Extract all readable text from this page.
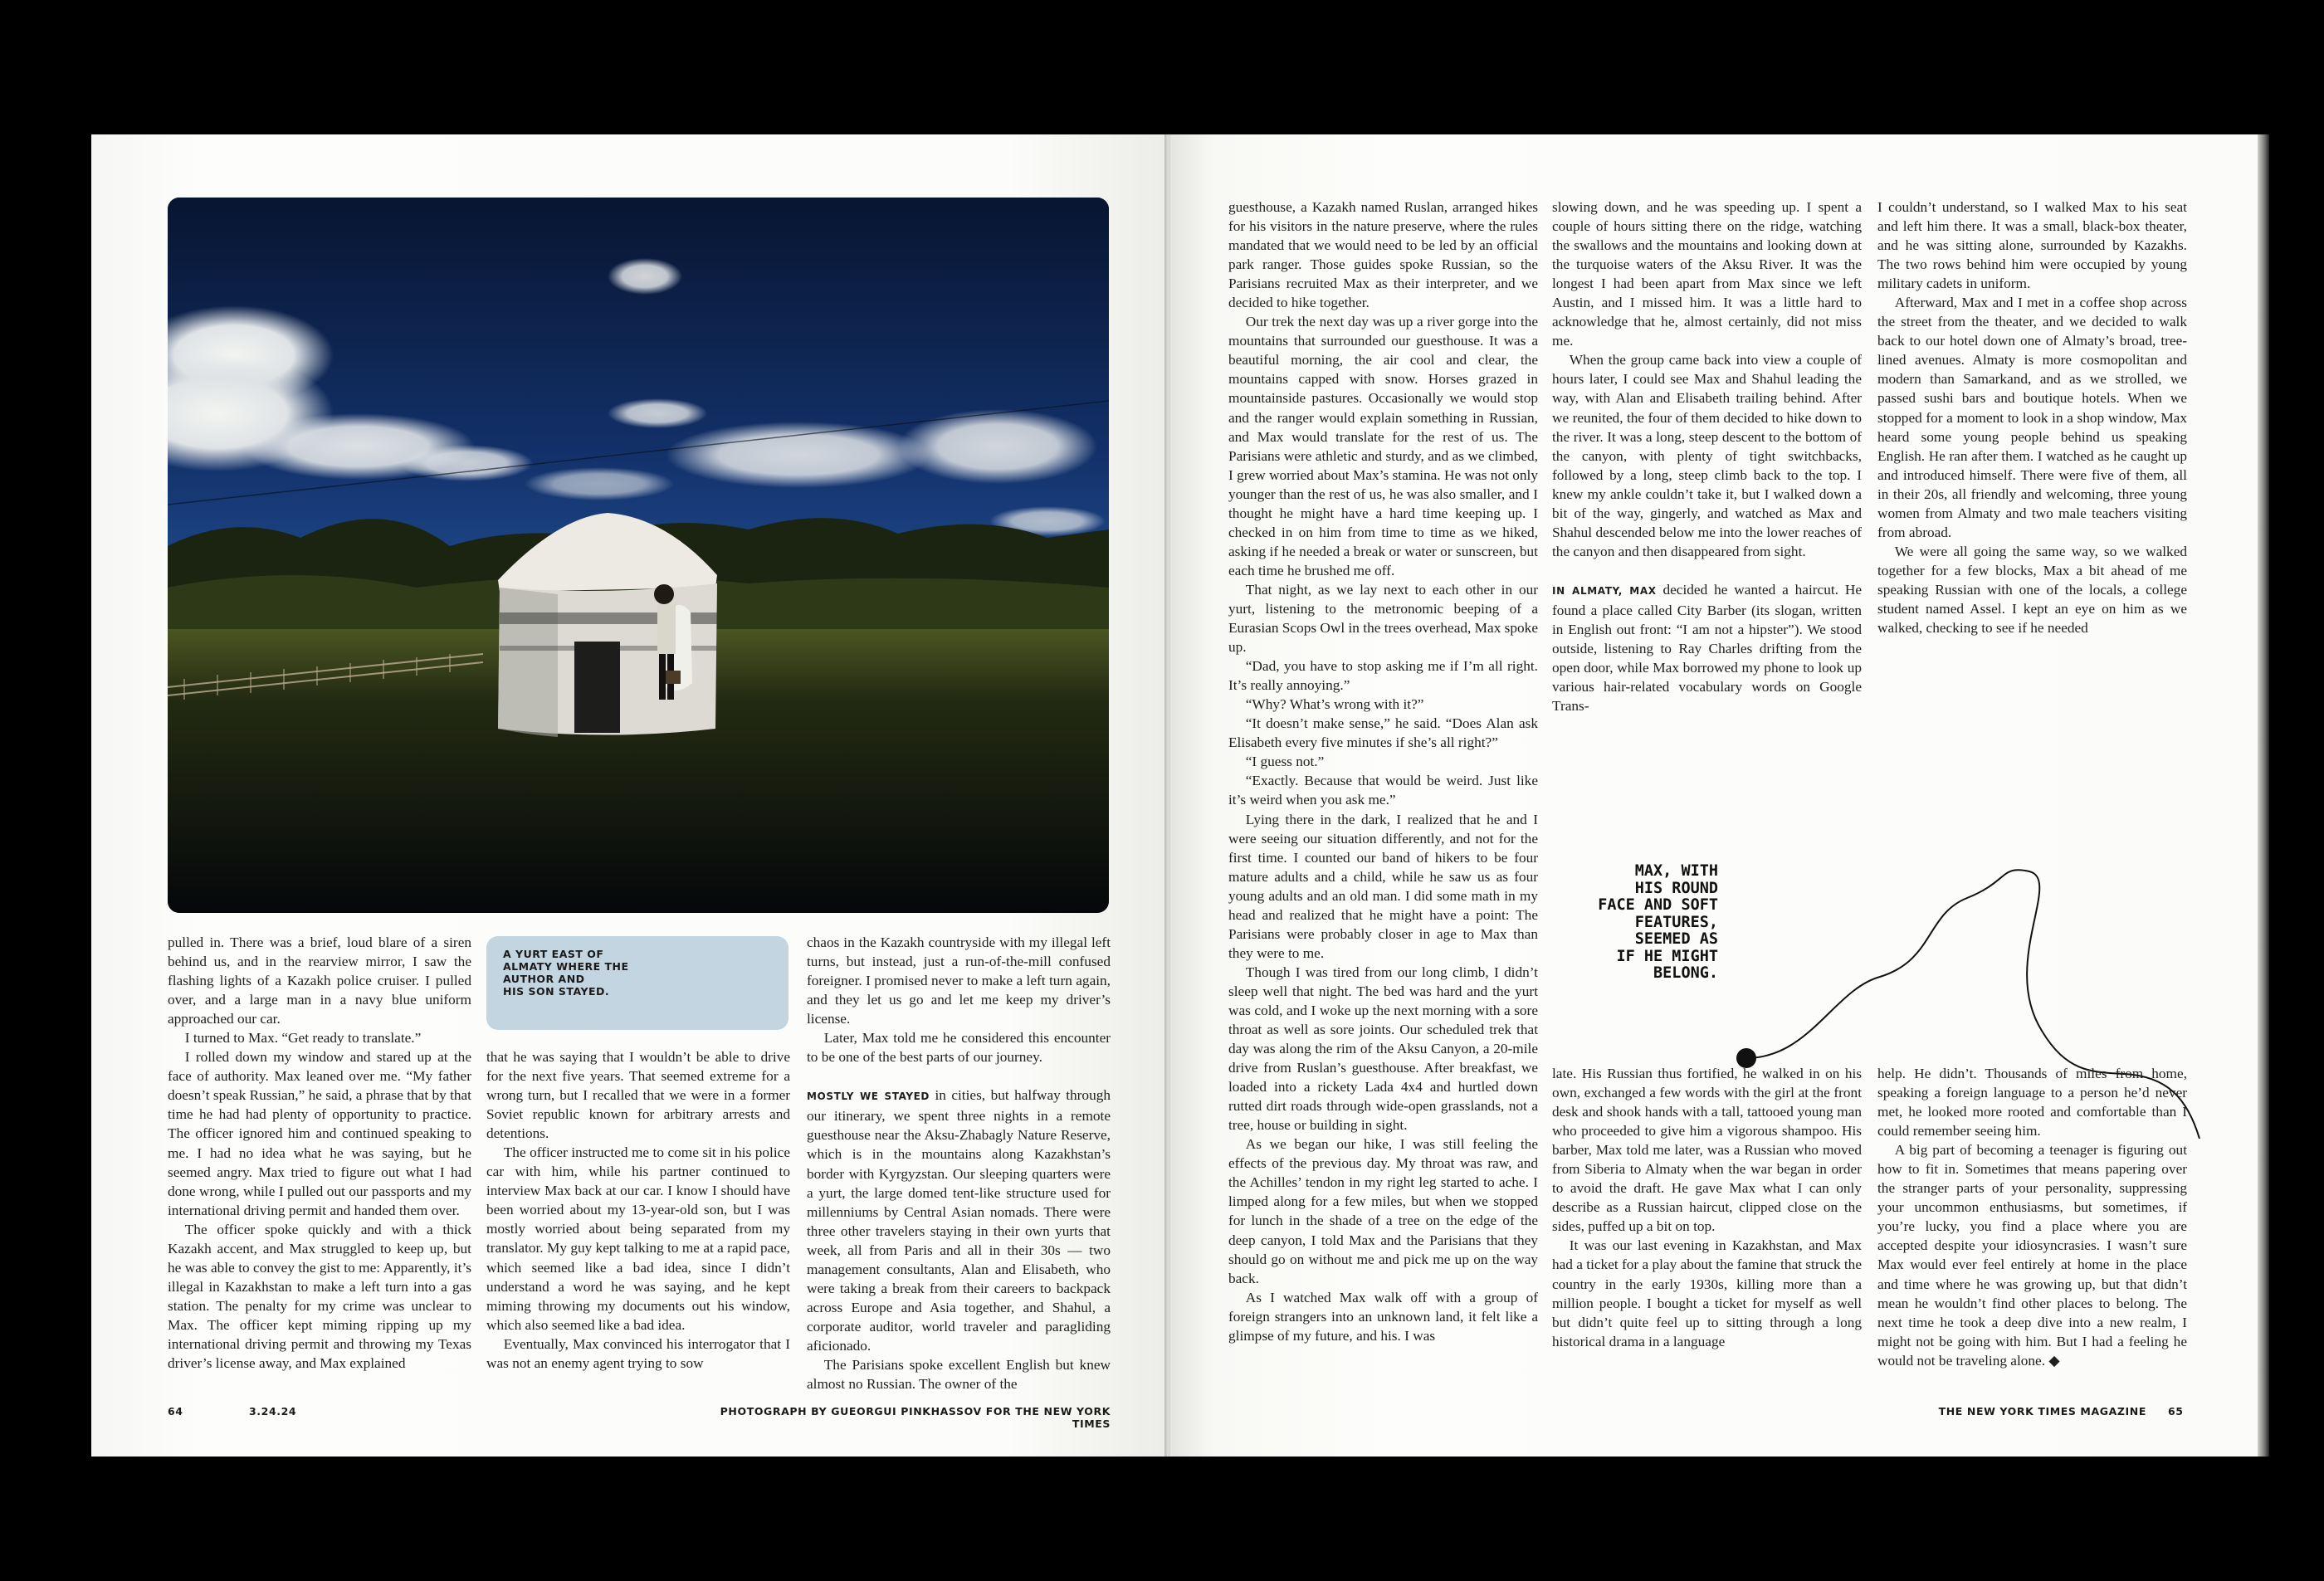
A YURT EAST OF
ALMATY WHERE THE
AUTHOR AND
HIS SON STAYED.

pulled in. There was a brief, loud blare of a siren behind us, and in the rearview mirror, I saw the flashing lights of a Kazakh police cruiser. I pulled over, and a large man in a navy blue uniform approached our car.

I turned to Max. “Get ready to translate.”

I rolled down my window and stared up at the face of authority. Max leaned over me. “My father doesn’t speak Russian,” he said, a phrase that by that time he had had plenty of opportunity to practice. The officer ignored him and continued speaking to me. I had no idea what he was saying, but he seemed angry. Max tried to figure out what I had done wrong, while I pulled out our passports and my international driving permit and handed them over.

The officer spoke quickly and with a thick Kazakh accent, and Max struggled to keep up, but he was able to convey the gist to me: Apparently, it’s illegal in Kazakhstan to make a left turn into a gas station. The penalty for my crime was unclear to Max. The officer kept miming ripping up my international driving permit and throwing my Texas driver’s license away, and Max explained

that he was saying that I wouldn’t be able to drive for the next five years. That seemed extreme for a wrong turn, but I recalled that we were in a former Soviet republic known for arbitrary arrests and detentions.

The officer instructed me to come sit in his police car with him, while his partner continued to interview Max back at our car. I know I should have been worried about my 13-year-old son, but I was mostly worried about being separated from my translator. My guy kept talking to me at a rapid pace, which seemed like a bad idea, since I didn’t understand a word he was saying, and he kept miming throwing my documents out his window, which also seemed like a bad idea.

Eventually, Max convinced his interrogator that I was not an enemy agent trying to sow

chaos in the Kazakh countryside with my illegal left turns, but instead, just a run-of-the-mill confused foreigner. I promised never to make a left turn again, and they let us go and let me keep my driver’s license.

Later, Max told me he considered this encounter to be one of the best parts of our journey.

MOSTLY WE STAYED in cities, but halfway through our itinerary, we spent three nights in a remote guesthouse near the Aksu-Zhabagly Nature Reserve, which is in the mountains along Kazakhstan’s border with Kyrgyzstan. Our sleeping quarters were a yurt, the large domed tent-like structure used for millenniums by Central Asian nomads. There were three other travelers staying in their own yurts that week, all from Paris and all in their 30s — two management consultants, Alan and Elisabeth, who were taking a break from their careers to backpack across Europe and Asia together, and Shahul, a corporate auditor, world traveler and paragliding aficionado.

The Parisians spoke excellent English but knew almost no Russian. The owner of the

64	3.24.24	PHOTOGRAPH BY GUEORGUI PINKHASSOV FOR THE NEW YORK TIMES

guesthouse, a Kazakh named Ruslan, arranged hikes for his visitors in the nature preserve, where the rules mandated that we would need to be led by an official park ranger. Those guides spoke Russian, so the Parisians recruited Max as their interpreter, and we decided to hike together.

Our trek the next day was up a river gorge into the mountains that surrounded our guesthouse. It was a beautiful morning, the air cool and clear, the mountains capped with snow. Horses grazed in mountainside pastures. Occasionally we would stop and the ranger would explain something in Russian, and Max would translate for the rest of us. The Parisians were athletic and sturdy, and as we climbed, I grew worried about Max’s stamina. He was not only younger than the rest of us, he was also smaller, and I thought he might have a hard time keeping up. I checked in on him from time to time as we hiked, asking if he needed a break or water or sunscreen, but each time he brushed me off.

That night, as we lay next to each other in our yurt, listening to the metronomic beeping of a Eurasian Scops Owl in the trees overhead, Max spoke up.

“Dad, you have to stop asking me if I’m all right. It’s really annoying.”

“Why? What’s wrong with it?”

“It doesn’t make sense,” he said. “Does Alan ask Elisabeth every five minutes if she’s all right?”

“I guess not.”

“Exactly. Because that would be weird. Just like it’s weird when you ask me.”

Lying there in the dark, I realized that he and I were seeing our situation differently, and not for the first time. I counted our band of hikers to be four mature adults and a child, while he saw us as four young adults and an old man. I did some math in my head and realized that he might have a point: The Parisians were probably closer in age to Max than they were to me.

Though I was tired from our long climb, I didn’t sleep well that night. The bed was hard and the yurt was cold, and I woke up the next morning with a sore throat as well as sore joints. Our scheduled trek that day was along the rim of the Aksu Canyon, a 20-mile drive from Ruslan’s guesthouse. After breakfast, we loaded into a rickety Lada 4x4 and hurtled down rutted dirt roads through wide-open grasslands, not a tree, house or building in sight.

As we began our hike, I was still feeling the effects of the previous day. My throat was raw, and the Achilles’ tendon in my right leg started to ache. I limped along for a few miles, but when we stopped for lunch in the shade of a tree on the edge of the deep canyon, I told Max and the Parisians that they should go on without me and pick me up on the way back.

As I watched Max walk off with a group of foreign strangers into an unknown land, it felt like a glimpse of my future, and his. I was

slowing down, and he was speeding up. I spent a couple of hours sitting there on the ridge, watching the swallows and the mountains and looking down at the turquoise waters of the Aksu River. It was the longest I had been apart from Max since we left Austin, and I missed him. It was a little hard to acknowledge that he, almost certainly, did not miss me.

When the group came back into view a couple of hours later, I could see Max and Shahul leading the way, with Alan and Elisabeth trailing behind. After we reunited, the four of them decided to hike down to the river. It was a long, steep descent to the bottom of the canyon, with plenty of tight switchbacks, followed by a long, steep climb back to the top. I knew my ankle couldn’t take it, but I walked down a bit of the way, gingerly, and watched as Max and Shahul descended below me into the lower reaches of the canyon and then disappeared from sight.

IN ALMATY, MAX decided he wanted a haircut. He found a place called City Barber (its slogan, written in English out front: “I am not a hipster”). We stood outside, listening to Ray Charles drifting from the open door, while Max borrowed my phone to look up various hair-related vocabulary words on Google Trans-

MAX, WITH
HIS ROUND
FACE AND SOFT
FEATURES,
SEEMED AS
IF HE MIGHT
BELONG.

late. His Russian thus fortified, he walked in on his own, exchanged a few words with the girl at the front desk and shook hands with a tall, tattooed young man who proceeded to give him a vigorous shampoo. His barber, Max told me later, was a Russian who moved from Siberia to Almaty when the war began in order to avoid the draft. He gave Max what I can only describe as a Russian haircut, clipped close on the sides, puffed up a bit on top.

It was our last evening in Kazakhstan, and Max had a ticket for a play about the famine that struck the country in the early 1930s, killing more than a million people. I bought a ticket for myself as well but didn’t quite feel up to sitting through a long historical drama in a language

I couldn’t understand, so I walked Max to his seat and left him there. It was a small, black-box theater, and he was sitting alone, surrounded by Kazakhs. The two rows behind him were occupied by young military cadets in uniform.

Afterward, Max and I met in a coffee shop across the street from the theater, and we decided to walk back to our hotel down one of Almaty’s broad, tree-lined avenues. Almaty is more cosmopolitan and modern than Samarkand, and as we strolled, we passed sushi bars and boutique hotels. When we stopped for a moment to look in a shop window, Max heard some young people behind us speaking English. He ran after them. I watched as he caught up and introduced himself. There were five of them, all in their 20s, all friendly and welcoming, three young women from Almaty and two male teachers visiting from abroad.

We were all going the same way, so we walked together for a few blocks, Max a bit ahead of me speaking Russian with one of the locals, a college student named Assel. I kept an eye on him as we walked, checking to see if he needed

help. He didn’t. Thousands of miles from home, speaking a foreign language to a person he’d never met, he looked more rooted and comfortable than I could remember seeing him.

A big part of becoming a teenager is figuring out how to fit in. Sometimes that means papering over the stranger parts of your personality, suppressing your uncommon enthusiasms, but sometimes, if you’re lucky, you find a place where you are accepted despite your idiosyncrasies. I wasn’t sure Max would ever feel entirely at home in the place and time where he was growing up, but that didn’t mean he wouldn’t find other places to belong. The next time he took a deep dive into a new realm, I might not be going with him. But I had a feeling he would not be traveling alone. ◆

THE NEW YORK TIMES MAGAZINE 65
